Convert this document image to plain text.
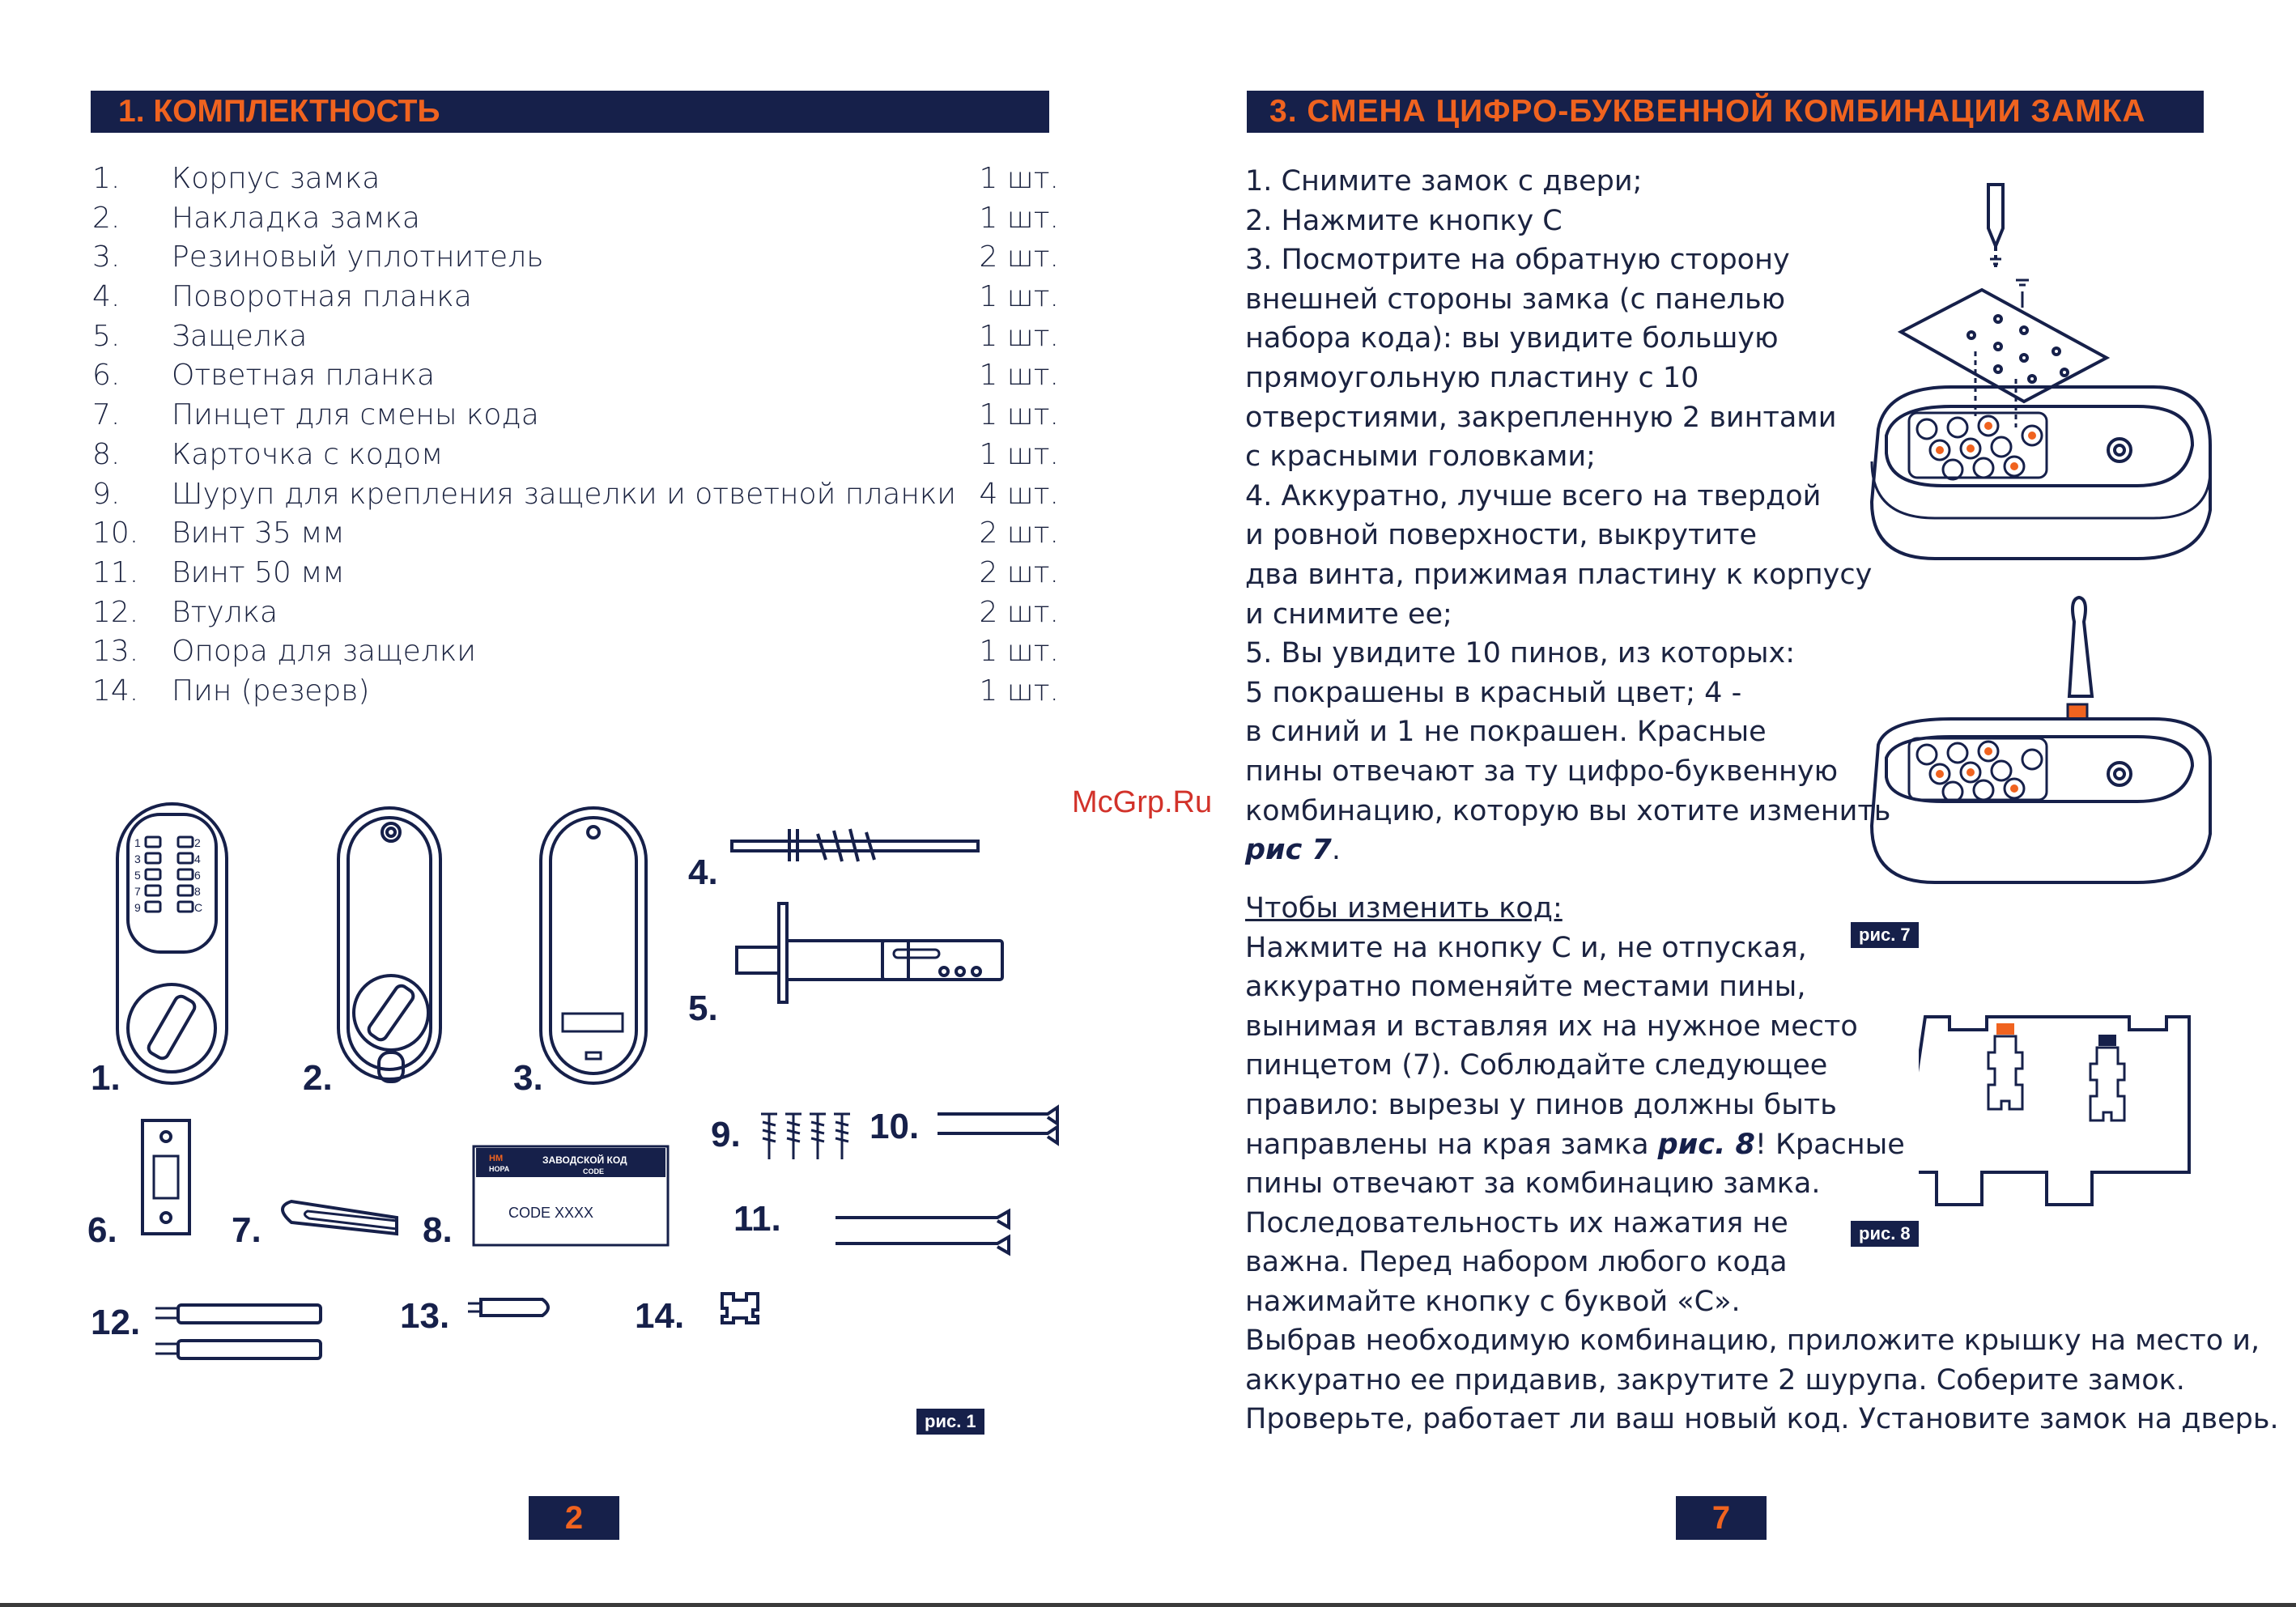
1. КОМПЛЕКТНОСТЬ
1. Корпус замка	1 шт.
2. Накладка замка	1 шт.
3. Резиновый уплотнитель	2 шт.
4. Поворотная планка	1 шт.
5. Защелка	1 шт.
6. Ответная планка	1 шт.
7. Пинцет для смены кода	1 шт.
8. Карточка с кодом	1 шт.
9. Шуруп для крепления защелки и ответной планки 4 шт.
10. Винт 35 мм	2 шт.
11. Винт 50 мм	2 шт.
12. Втулка	2 шт.
13. Опора для защелки	1 шт.
14. Пин (резерв)	1 шт.
1	2
3	4
5	6
7	8
9	C
НМ
НОРА
ЗАВОДСКОЙ КОД
CODE
CODE XXXX
1.	2.	3.
4.
5.
6.	7.	8.
9.	10.
11.
12.	13.	14.
рис. 1
2
3. СМЕНА ЦИФРО-БУКВЕННОЙ КОМБИНАЦИИ ЗАМКА
1. Снимите замок с двери;
2. Нажмите кнопку С
3. Посмотрите на обратную сторону
внешней стороны замка (с панелью
набора кода): вы увидите большую
прямоугольную пластину с 10
отверстиями, закрепленную 2 винтами
с красными головками;
4. Аккуратно, лучше всего на твердой
и ровной поверхности, выкрутите
два винта, прижимая пластину к корпусу
и снимите ее;
5. Вы увидите 10 пинов, из которых:
5 покрашены в красный цвет; 4 -
в синий и 1 не покрашен. Красные
пины отвечают за ту цифро-буквенную
комбинацию, которую вы хотите изменить
рис 7.
Чтобы изменить код:
Нажмите на кнопку С и, не отпуская,
аккуратно поменяйте местами пины,
вынимая и вставляя их на нужное место
пинцетом (7). Соблюдайте следующее
правило: вырезы у пинов должны быть
направлены на края замка рис. 8! Красные
пины отвечают за комбинацию замка.
Последовательность их нажатия не
важна. Перед набором любого кода
нажимайте кнопку с буквой «С».
Выбрав необходимую комбинацию, приложите крышку на место и,
аккуратно ее придавив, закрутите 2 шурупа. Соберите замок.
Проверьте, работает ли ваш новый код. Установите замок на дверь.
рис. 7
рис. 8
7
McGrp.Ru
